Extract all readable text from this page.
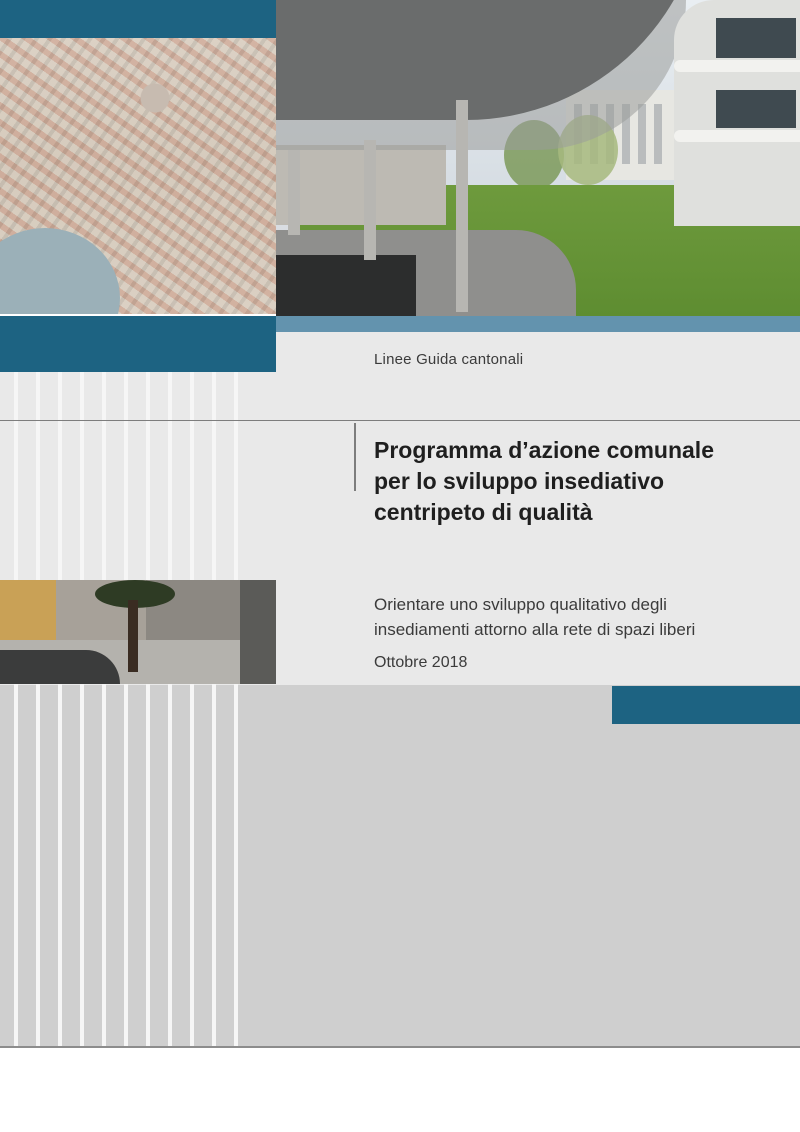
Linee Guida cantonali
Programma d’azione comunale
per lo sviluppo insediativo
centripeto di qualità
Orientare uno sviluppo qualitativo degli
insediamenti attorno alla rete di spazi liberi
Ottobre 2018
